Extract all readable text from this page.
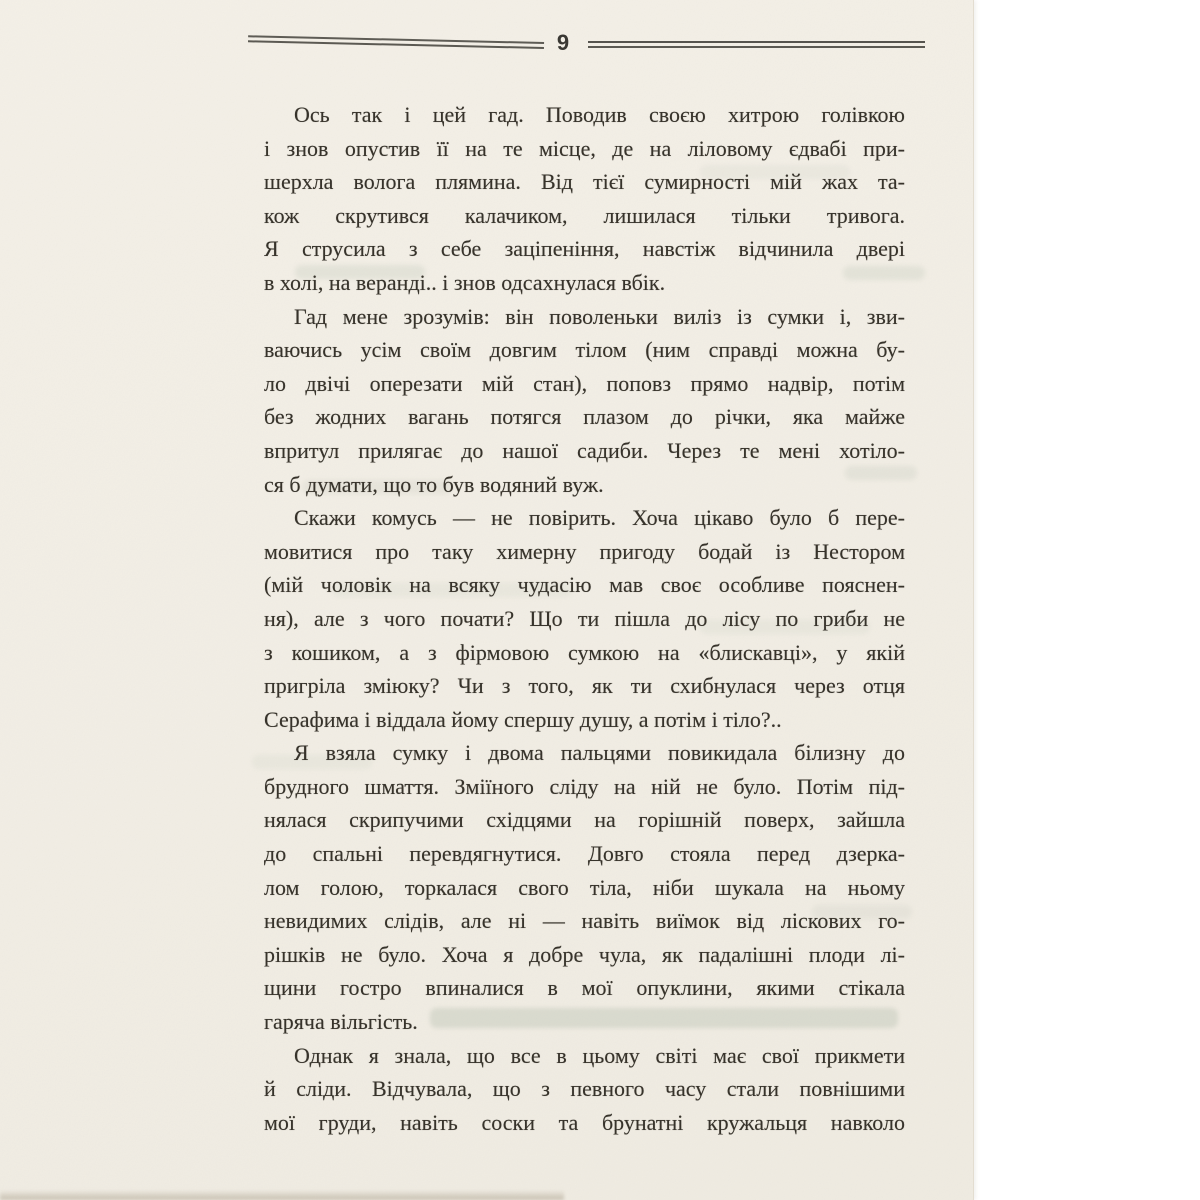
9
Ось так і цей гад. Поводив своєю хитрою голівкою
і знов опустив її на те місце, де на ліловому єдвабі при-
шерхла волога плямина. Від тієї сумирності мій жах та-
кож скрутився калачиком, лишилася тільки тривога.
Я струсила з себе заціпеніння, навстіж відчинила двері
в холі, на веранді.. і знов одсахнулася вбік.
Гад мене зрозумів: він поволеньки виліз із сумки і, зви-
ваючись усім своїм довгим тілом (ним справді можна бу-
ло двічі оперезати мій стан), поповз прямо надвір, потім
без жодних вагань потягся плазом до річки, яка майже
впритул прилягає до нашої садиби. Через те мені хотіло-
ся б думати, що то був водяний вуж.
Скажи комусь — не повірить. Хоча цікаво було б пере-
мовитися про таку химерну пригоду бодай із Нестором
(мій чоловік на всяку чудасію мав своє особливе пояснен-
ня), але з чого почати? Що ти пішла до лісу по гриби не
з кошиком, а з фірмовою сумкою на «блискавці», у якій
пригріла зміюку? Чи з того, як ти схибнулася через отця
Серафима і віддала йому спершу душу, а потім і тіло?..
Я взяла сумку і двома пальцями повикидала білизну до
брудного шмаття. Зміїного сліду на ній не було. Потім під-
нялася скрипучими східцями на горішній поверх, зайшла
до спальні перевдягнутися. Довго стояла перед дзерка-
лом голою, торкалася свого тіла, ніби шукала на ньому
невидимих слідів, але ні — навіть виїмок від ліскових го-
рішків не було. Хоча я добре чула, як падалішні плоди лі-
щини гостро впиналися в мої опуклини, якими стікала
гаряча вільгість.
Однак я знала, що все в цьому світі має свої прикмети
й сліди. Відчувала, що з певного часу стали повнішими
мої груди, навіть соски та брунатні кружальця навколо
